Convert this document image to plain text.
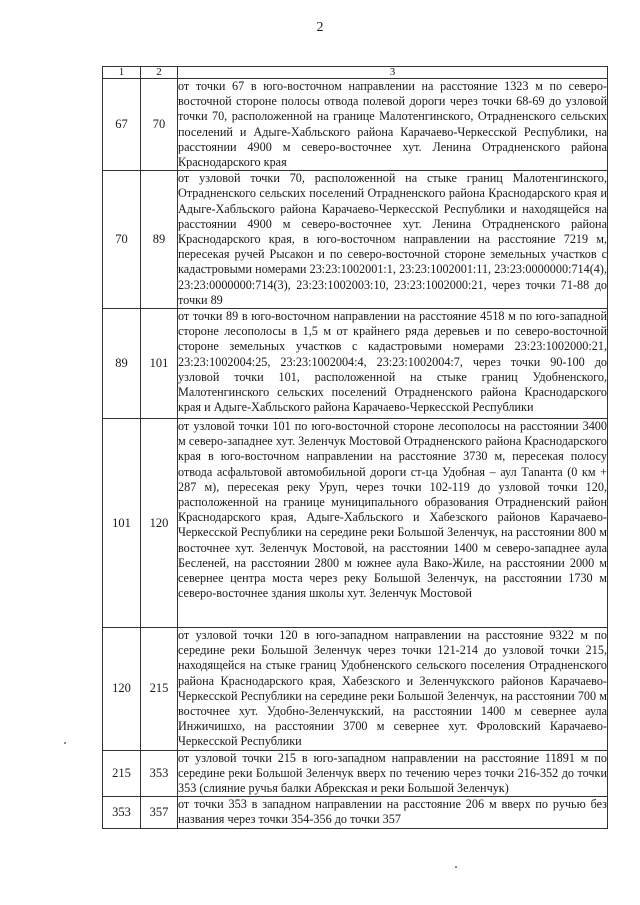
2
1	2	3
67	70	от точки 67 в юго-восточном направлении на расстояние 1323 м по северо-восточной стороне полосы отвода полевой дороги через точки 68-69 до узловой точки 70, расположенной на границе Малотенгинского, Отрадненского сельских поселений и Адыге-Хабльского района Карачаево-Черкесской Республики, на расстоянии 4900 м северо-восточнее хут. Ленина Отрадненского района Краснодарского края
70	89	от узловой точки 70, расположенной на стыке границ Малотенгинского, Отрадненского сельских поселений Отрадненского района Краснодарского края и Адыге-Хабльского района Карачаево-Черкесской Республики и находящейся на расстоянии 4900 м северо-восточнее хут. Ленина Отрадненского района Краснодарского края, в юго-восточном направлении на расстояние 7219 м, пересекая ручей Рысакон и по северо-восточной стороне земельных участков с кадастровыми номерами 23:23:1002001:1, 23:23:1002001:11, 23:23:0000000:714(4), 23:23:0000000:714(3), 23:23:1002003:10, 23:23:1002000:21, через точки 71-88 до точки 89
89	101	от точки 89 в юго-восточном направлении на расстояние 4518 м по юго-западной стороне лесополосы в 1,5 м от крайнего ряда деревьев и по северо-восточной стороне земельных участков с кадастровыми номерами 23:23:1002000:21, 23:23:1002004:25, 23:23:1002004:4, 23:23:1002004:7, через точки 90-100 до узловой точки 101, расположенной на стыке границ Удобненского, Малотенгинского сельских поселений Отрадненского района Краснодарского края и Адыге-Хабльского района Карачаево-Черкесской Республики
101	120	от узловой точки 101 по юго-восточной стороне лесополосы на расстоянии 3400 м северо-западнее хут. Зеленчук Мостовой Отрадненского района Краснодарского края в юго-восточном направлении на расстояние 3730 м, пересекая полосу отвода асфальтовой автомобильной дороги ст-ца Удобная – аул Таnанта (0 км + 287 м), пересекая реку Уруп, через точки 102-119 до узловой точки 120, расположенной на границе муниципального образования Отрадненский район Краснодарского края, Адыге-Хабльского и Хабезского районов Карачаево-Черкесской Республики на середине реки Большой Зеленчук, на расстоянии 800 м восточнее хут. Зеленчук Мостовой, на расстоянии 1400 м северо-западнее аула Бесленей, на расстоянии 2800 м южнее аула Вако-Жиле, на расстоянии 2000 м севернее центра моста через реку Большой Зеленчук, на расстоянии 1730 м северо-восточнее здания школы хут. Зеленчук Мостовой
120	215	от узловой точки 120 в юго-западном направлении на расстояние 9322 м по середине реки Большой Зеленчук через точки 121-214 до узловой точки 215, находящейся на стыке границ Удобненского сельского поселения Отрадненского района Краснодарского края, Хабезского и Зеленчукского районов Карачаево-Черкесской Республики на середине реки Большой Зеленчук, на расстоянии 700 м восточнее хут. Удобно-Зеленчукский, на расстоянии 1400 м севернее аула Инжичишхо, на расстоянии 3700 м севернее хут. Фроловский Карачаево-Черкесской Республики
215	353	от узловой точки 215 в юго-западном направлении на расстояние 11891 м по середине реки Большой Зеленчук вверх по течению через точки 216-352 до точки 353 (слияние ручья балки Абрекская и реки Большой Зеленчук)
353	357	от точки 353 в западном направлении на расстояние 206 м вверх по ручью без названия через точки 354-356 до точки 357
